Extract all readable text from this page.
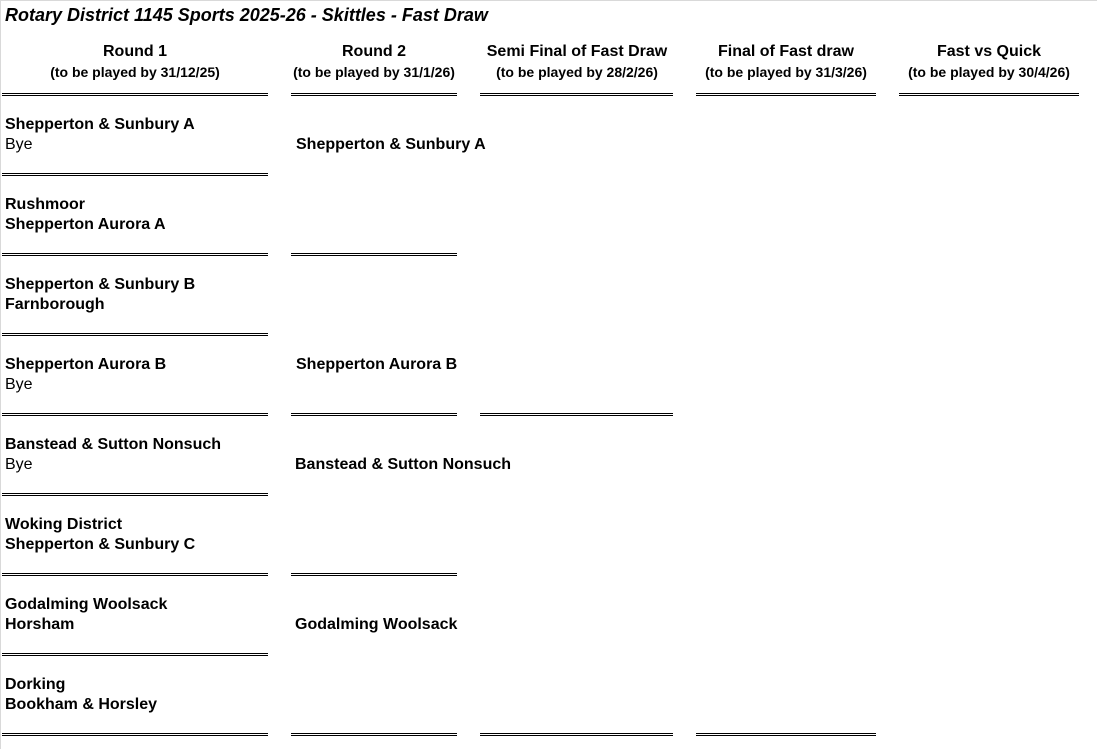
Rotary District 1145 Sports 2025-26 - Skittles - Fast Draw
Round 1
(to be played by 31/12/25)
Round 2
(to be played by 31/1/26)
Semi Final of Fast Draw
(to be played by 28/2/26)
Final of Fast draw
(to be played by 31/3/26)
Fast vs Quick
(to be played by 30/4/26)
Shepperton & Sunbury A
Bye
Rushmoor
Shepperton Aurora A
Shepperton & Sunbury B
Farnborough
Shepperton Aurora B
Bye
Banstead & Sutton Nonsuch
Bye
Woking District
Shepperton & Sunbury C
Godalming Woolsack
Horsham
Dorking
Bookham & Horsley
Shepperton & Sunbury A
Shepperton Aurora B
Banstead & Sutton Nonsuch
Godalming Woolsack
